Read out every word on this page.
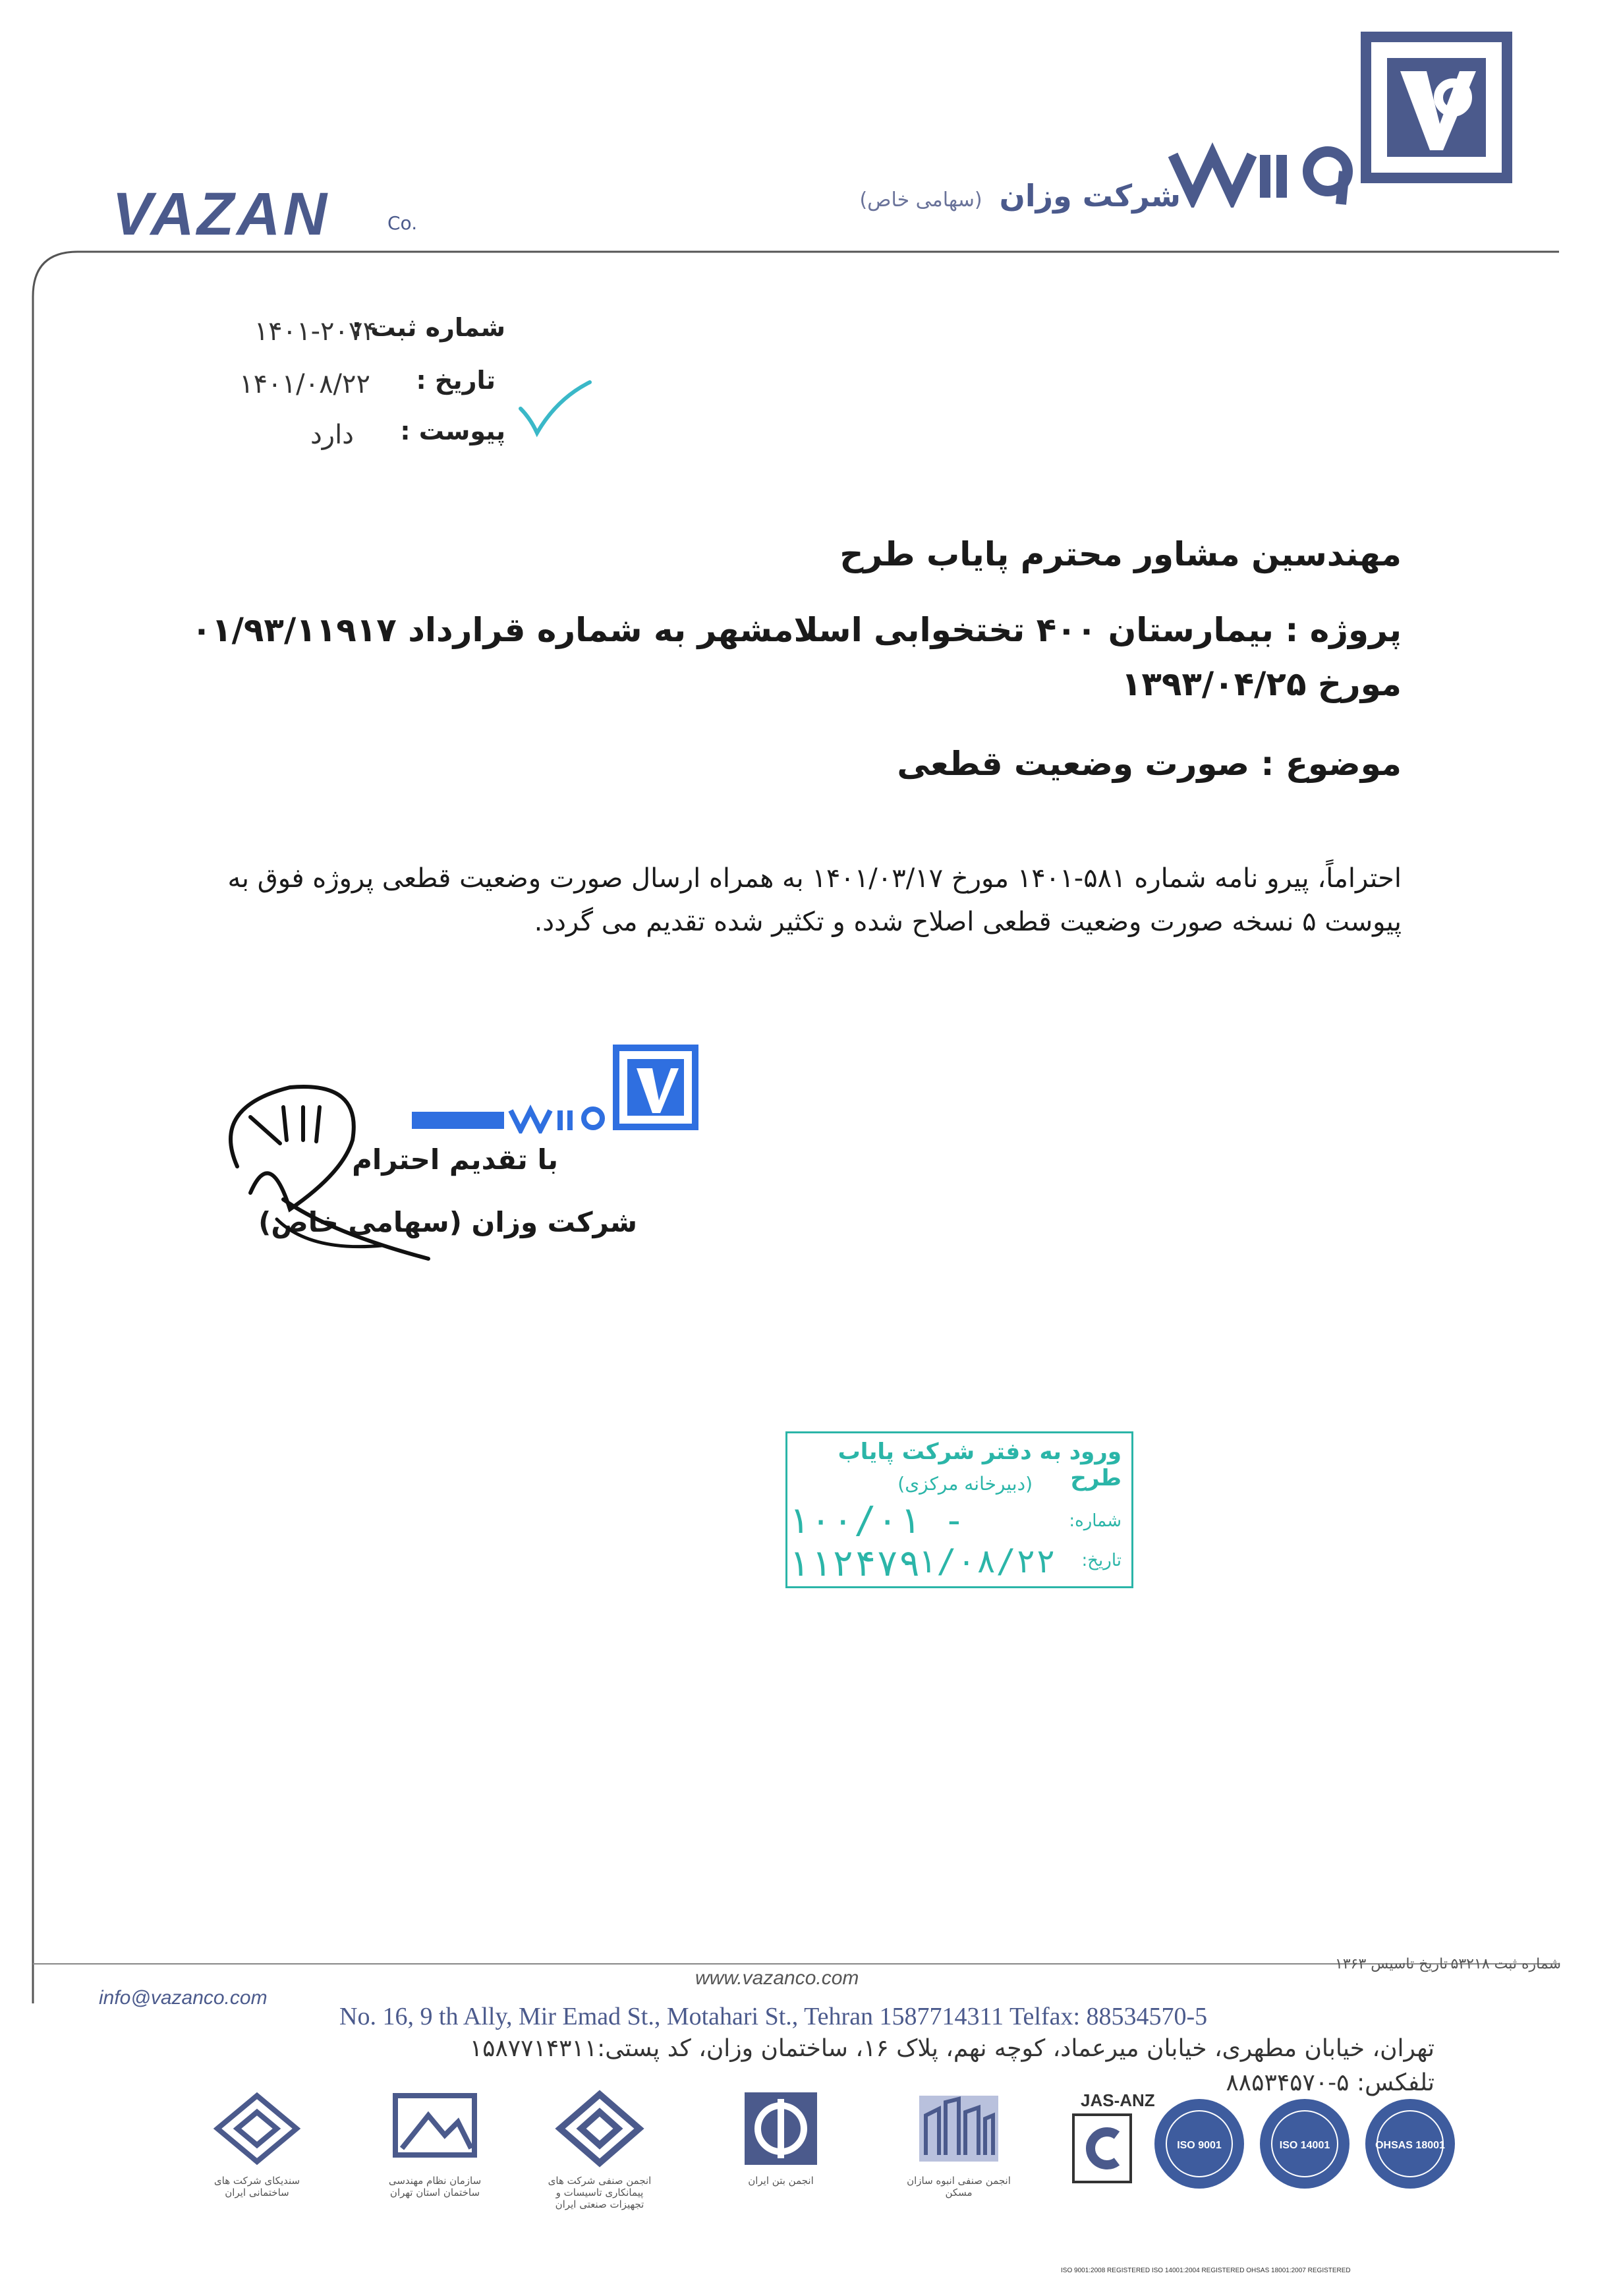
شرکت وزان (سهامی خاص)
VAZAN	Co.
شماره ثبت :
۱۴۰۱-۲۰۷۴
تاریخ :
۱۴۰۱/۰۸/۲۲
پیوست :
دارد
مهندسین مشاور محترم پایاب طرح
پروژه : بیمارستان ۴۰۰ تختخوابی اسلامشهر به شماره قرارداد ۰۱/۹۳/۱۱۹۱۷ مورخ ۱۳۹۳/۰۴/۲۵
موضوع : صورت وضعیت قطعی
احتراماً، پیرو نامه شماره ۵۸۱-۱۴۰۱ مورخ ۱۴۰۱/۰۳/۱۷ به همراه ارسال صورت وضعیت قطعی پروژه فوق به پیوست ۵ نسخه صورت وضعیت قطعی اصلاح شده و تکثیر شده تقدیم می گردد.
با تقدیم احترام
شرکت وزان (سهامی خاص)
ورود به دفتر شرکت پایاب طرح
(دبیرخانه مرکزی)
شماره:
۱۰۰/۰۱ - ۱۱۲۴۷۹	تاریخ:
۰۱/۰۸/۲۲
شماره ثبت ۵۳۲۱۸
تاریخ تاسیس ۱۳۶۳
www.vazanco.com
info@vazanco.com
No. 16, 9 th Ally, Mir Emad St., Motahari St., Tehran 1587714311 Telfax: 88534570-5
تهران، خیابان مطهری، خیابان میرعماد، کوچه نهم، پلاک ۱۶، ساختمان وزان، کد پستی:۱۵۸۷۷۱۴۳۱۱
تلفکس: ۵-۸۸۵۳۴۵۷۰
سندیکای شرکت های ساختمانی ایران
سازمان نظام مهندسی ساختمان استان تهران
انجمن صنفی شرکت های پیمانکاری تاسیسات و تجهیزات صنعتی ایران
انجمن بتن ایران	انجمن صنفی انبوه سازان مسکن
JAS-ANZ
ISO 9001	ISO 14001	OHSAS 18001
ISO 9001:2008 REGISTERED ISO 14001:2004 REGISTERED OHSAS 18001:2007 REGISTERED
